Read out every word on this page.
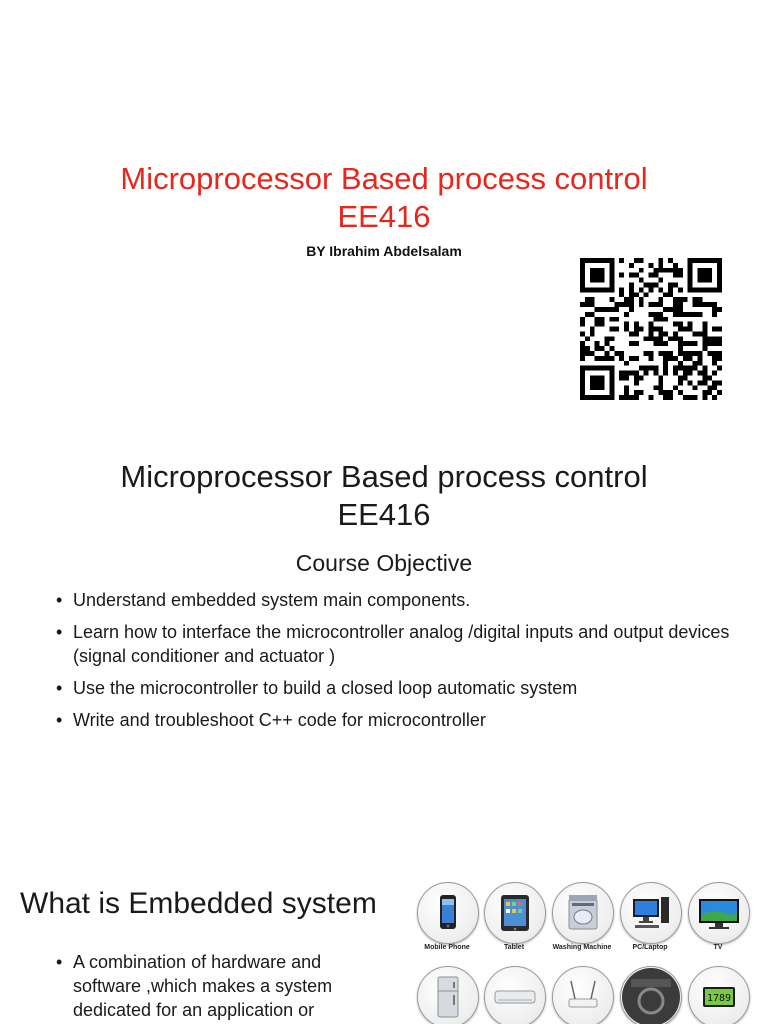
Microprocessor Based process control
EE416
BY Ibrahim Abdelsalam
Microprocessor Based process control
EE416
Course Objective
• Understand embedded system main components.
• Learn how to interface the microcontroller analog /digital inputs and output devices (signal conditioner and actuator )
• Use the microcontroller to build a closed loop automatic system
• Write and troubleshoot C++ code for microcontroller
What is Embedded system
• A combination of hardware and software ,which makes a system dedicated for an application or
Mobile Phone	Tablet	Washing Machine	PC/Laptop	TV
1789
